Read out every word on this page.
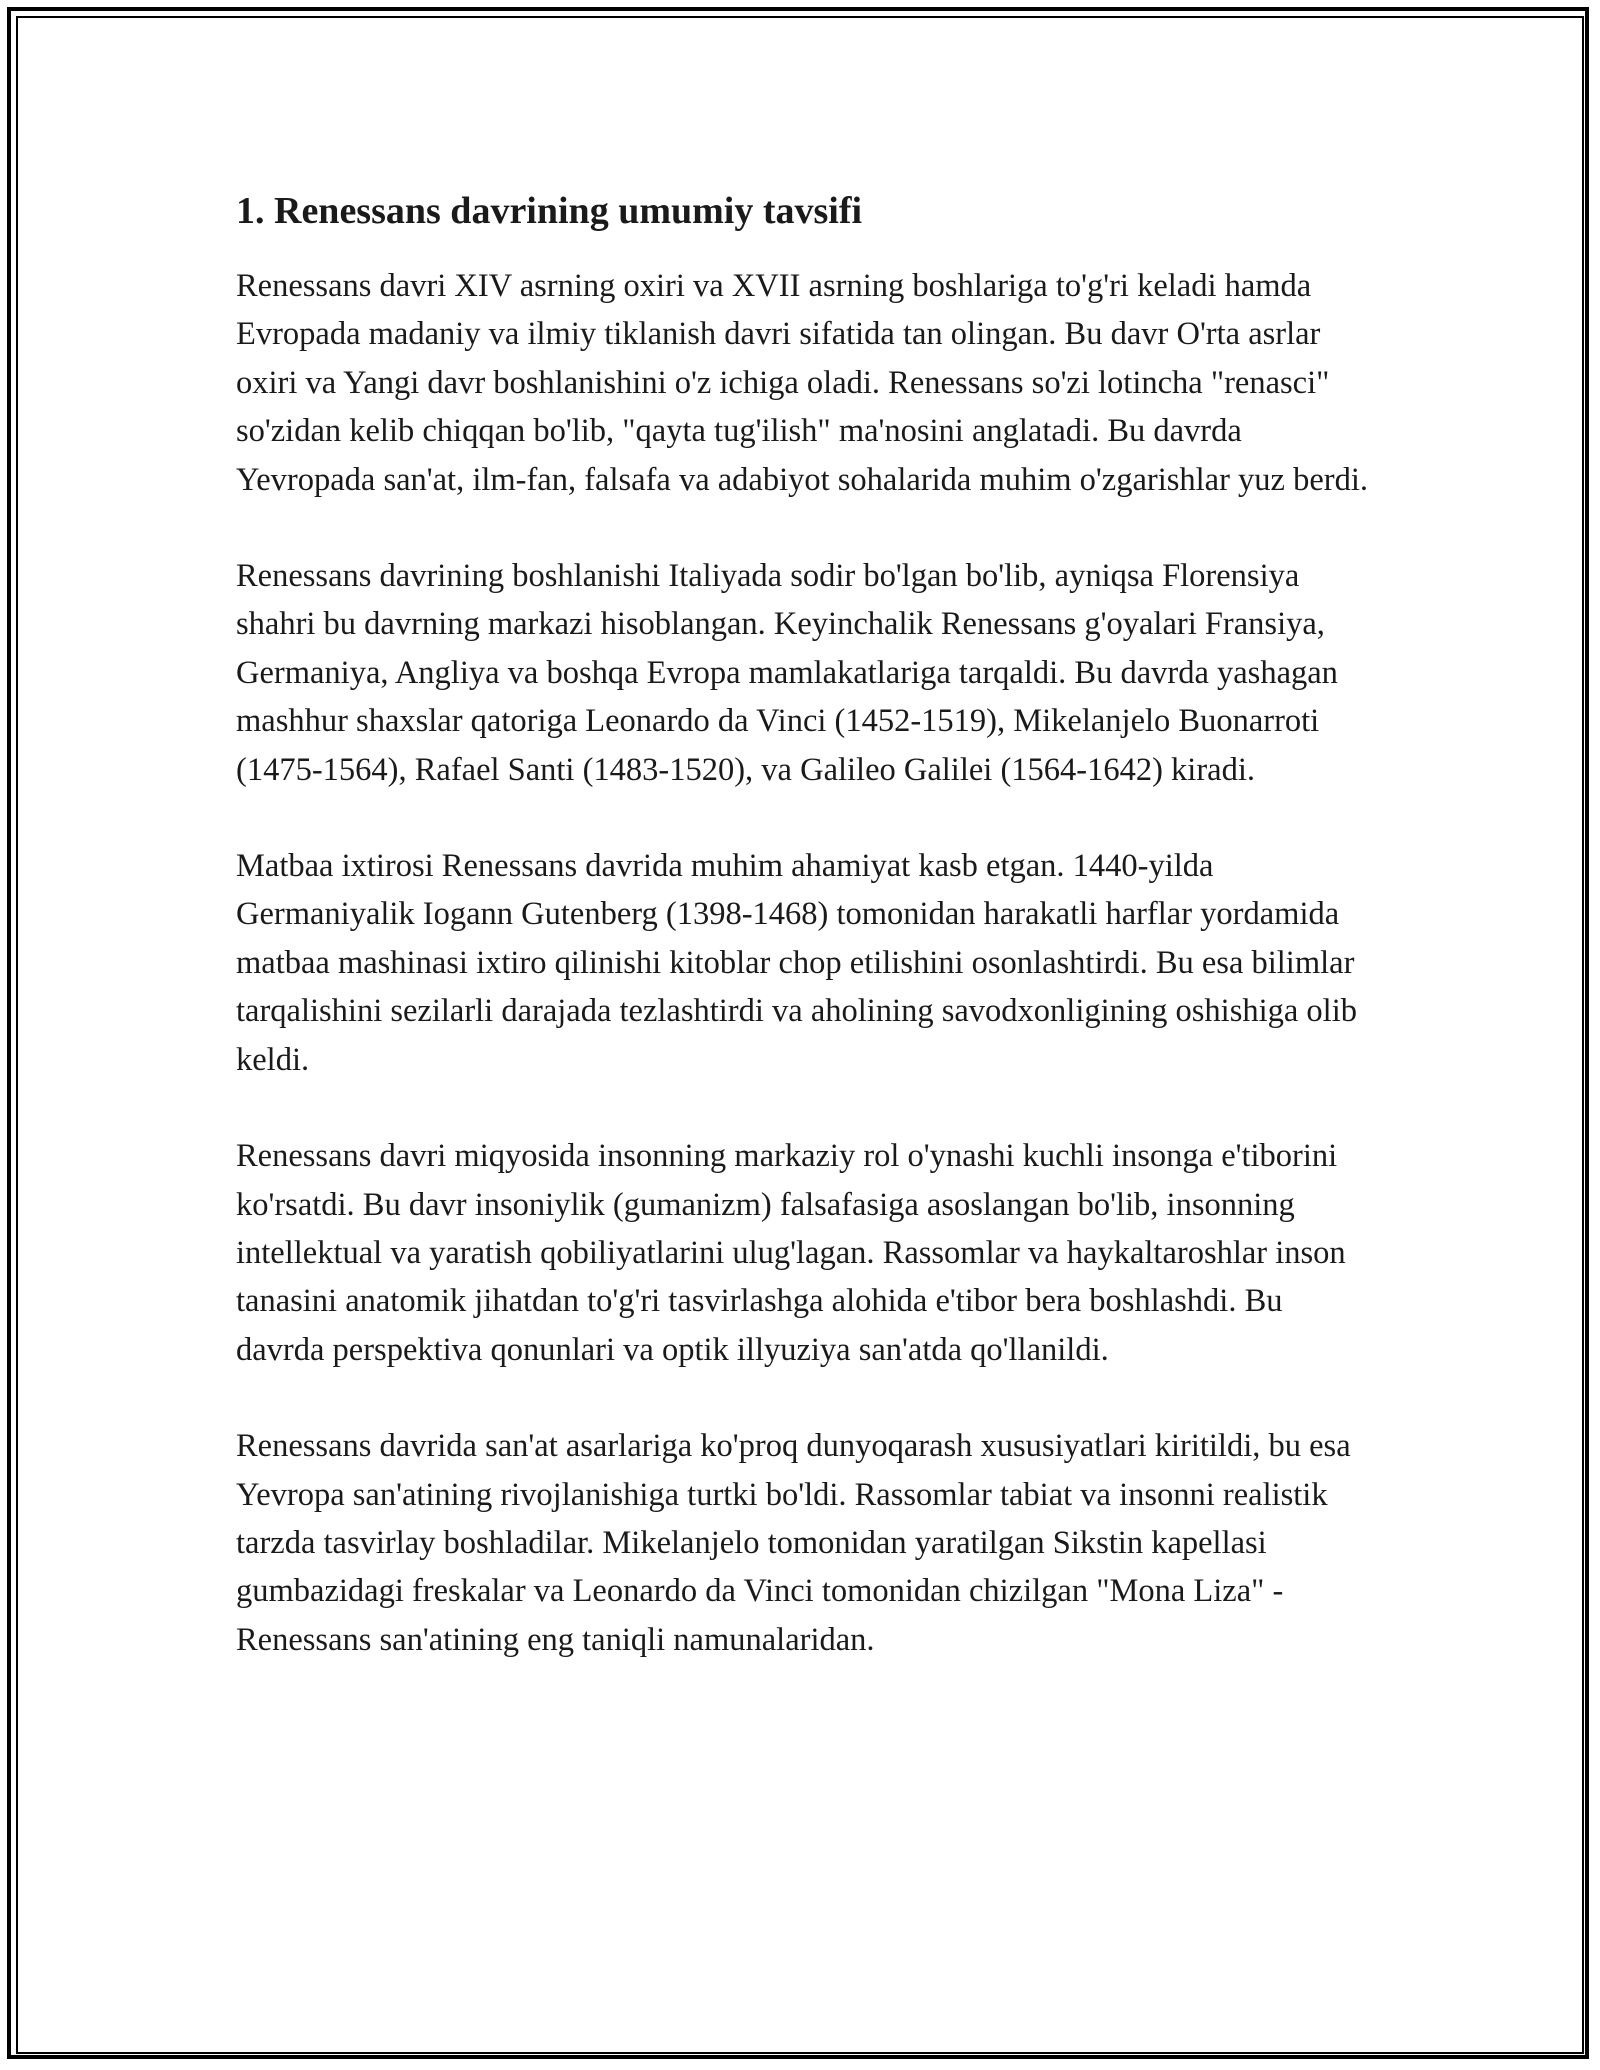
1. Renessans davrining umumiy tavsifi

Renessans davri XIV asrning oxiri va XVII asrning boshlariga to'g'ri keladi hamda Evropada madaniy va ilmiy tiklanish davri sifatida tan olingan. Bu davr O'rta asrlar oxiri va Yangi davr boshlanishini o'z ichiga oladi. Renessans so'zi lotincha "renasci" so'zidan kelib chiqqan bo'lib, "qayta tug'ilish" ma'nosini anglatadi. Bu davrda Yevropada san'at, ilm-fan, falsafa va adabiyot sohalarida muhim o'zgarishlar yuz berdi.

Renessans davrining boshlanishi Italiyada sodir bo'lgan bo'lib, ayniqsa Florensiya shahri bu davrning markazi hisoblangan. Keyinchalik Renessans g'oyalari Fransiya, Germaniya, Angliya va boshqa Evropa mamlakatlariga tarqaldi. Bu davrda yashagan mashhur shaxslar qatoriga Leonardo da Vinci (1452-1519), Mikelanjelo Buonarroti (1475-1564), Rafael Santi (1483-1520), va Galileo Galilei (1564-1642) kiradi.

Matbaa ixtirosi Renessans davrida muhim ahamiyat kasb etgan. 1440-yilda Germaniyalik Iogann Gutenberg (1398-1468) tomonidan harakatli harflar yordamida matbaa mashinasi ixtiro qilinishi kitoblar chop etilishini osonlashtirdi. Bu esa bilimlar tarqalishini sezilarli darajada tezlashtirdi va aholining savodxonligining oshishiga olib keldi.

Renessans davri miqyosida insonning markaziy rol o'ynashi kuchli insonga e'tiborini ko'rsatdi. Bu davr insoniylik (gumanizm) falsafasiga asoslangan bo'lib, insonning intellektual va yaratish qobiliyatlarini ulug'lagan. Rassomlar va haykaltaroshlar inson tanasini anatomik jihatdan to'g'ri tasvirlashga alohida e'tibor bera boshlashdi. Bu davrda perspektiva qonunlari va optik illyuziya san'atda qo'llanildi.

Renessans davrida san'at asarlariga ko'proq dunyoqarash xususiyatlari kiritildi, bu esa Yevropa san'atining rivojlanishiga turtki bo'ldi. Rassomlar tabiat va insonni realistik tarzda tasvirlay boshladilar. Mikelanjelo tomonidan yaratilgan Sikstin kapellasi gumbazidagi freskalar va Leonardo da Vinci tomonidan chizilgan "Mona Liza" - Renessans san'atining eng taniqli namunalaridan.
